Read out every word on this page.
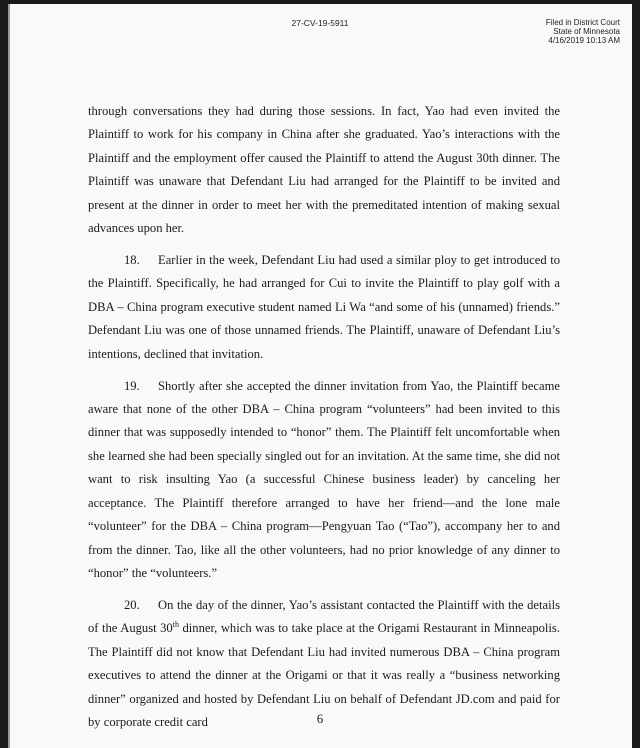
27-CV-19-5911	Filed in District Court
State of Minnesota
4/16/2019 10:13 AM

through conversations they had during those sessions. In fact, Yao had even invited the Plaintiff to work for his company in China after she graduated. Yao’s interactions with the Plaintiff and the employment offer caused the Plaintiff to attend the August 30th dinner. The Plaintiff was unaware that Defendant Liu had arranged for the Plaintiff to be invited and present at the dinner in order to meet her with the premeditated intention of making sexual advances upon her.

18. Earlier in the week, Defendant Liu had used a similar ploy to get introduced to the Plaintiff. Specifically, he had arranged for Cui to invite the Plaintiff to play golf with a DBA – China program executive student named Li Wa “and some of his (unnamed) friends.” Defendant Liu was one of those unnamed friends. The Plaintiff, unaware of Defendant Liu’s intentions, declined that invitation.

19. Shortly after she accepted the dinner invitation from Yao, the Plaintiff became aware that none of the other DBA – China program “volunteers” had been invited to this dinner that was supposedly intended to “honor” them. The Plaintiff felt uncomfortable when she learned she had been specially singled out for an invitation. At the same time, she did not want to risk insulting Yao (a successful Chinese business leader) by canceling her acceptance. The Plaintiff therefore arranged to have her friend—and the lone male “volunteer” for the DBA – China program—Pengyuan Tao (“Tao”), accompany her to and from the dinner. Tao, like all the other volunteers, had no prior knowledge of any dinner to “honor” the “volunteers.”

20. On the day of the dinner, Yao’s assistant contacted the Plaintiff with the details of the August 30th dinner, which was to take place at the Origami Restaurant in Minneapolis. The Plaintiff did not know that Defendant Liu had invited numerous DBA – China program executives to attend the dinner at the Origami or that it was really a “business networking dinner” organized and hosted by Defendant Liu on behalf of Defendant JD.com and paid for by corporate credit card	6
